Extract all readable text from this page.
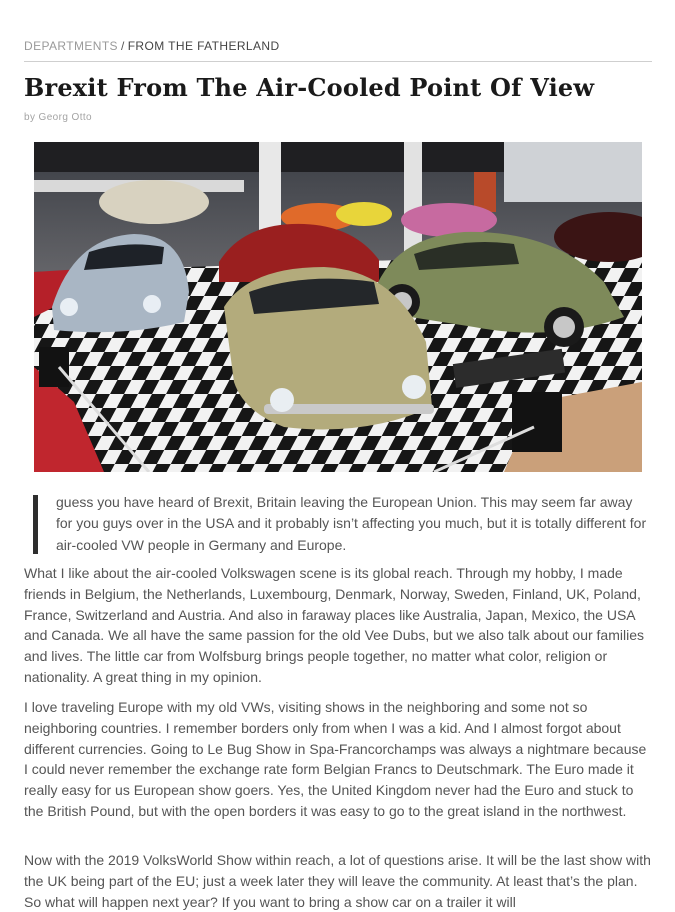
DEPARTMENTS / FROM THE FATHERLAND
Brexit From The Air-Cooled Point Of View
by Georg Otto

guess you have heard of Brexit, Britain leaving the European Union. This may seem far away for you guys over in the USA and it probably isn’t affecting you much, but it is totally different for air-cooled VW people in Germany and Europe.

What I like about the air-cooled Volkswagen scene is its global reach. Through my hobby, I made friends in Belgium, the Netherlands, Luxembourg, Denmark, Norway, Sweden, Finland, UK, Poland, France, Switzerland and Austria. And also in faraway places like Australia, Japan, Mexico, the USA and Canada. We all have the same passion for the old Vee Dubs, but we also talk about our families and lives. The little car from Wolfsburg brings people together, no matter what color, religion or nationality. A great thing in my opinion.

I love traveling Europe with my old VWs, visiting shows in the neighboring and some not so neighboring countries. I remember borders only from when I was a kid. And I almost forgot about different currencies. Going to Le Bug Show in Spa-Francorchamps was always a nightmare because I could never remember the exchange rate form Belgian Francs to Deutschmark. The Euro made it really easy for us European show goers. Yes, the United Kingdom never had the Euro and stuck to the British Pound, but with the open borders it was easy to go to the great island in the northwest.

Now with the 2019 VolksWorld Show within reach, a lot of questions arise. It will be the last show with the UK being part of the EU; just a week later they will leave the community. At least that’s the plan. So what will happen next year? If you want to bring a show car on a trailer it will
